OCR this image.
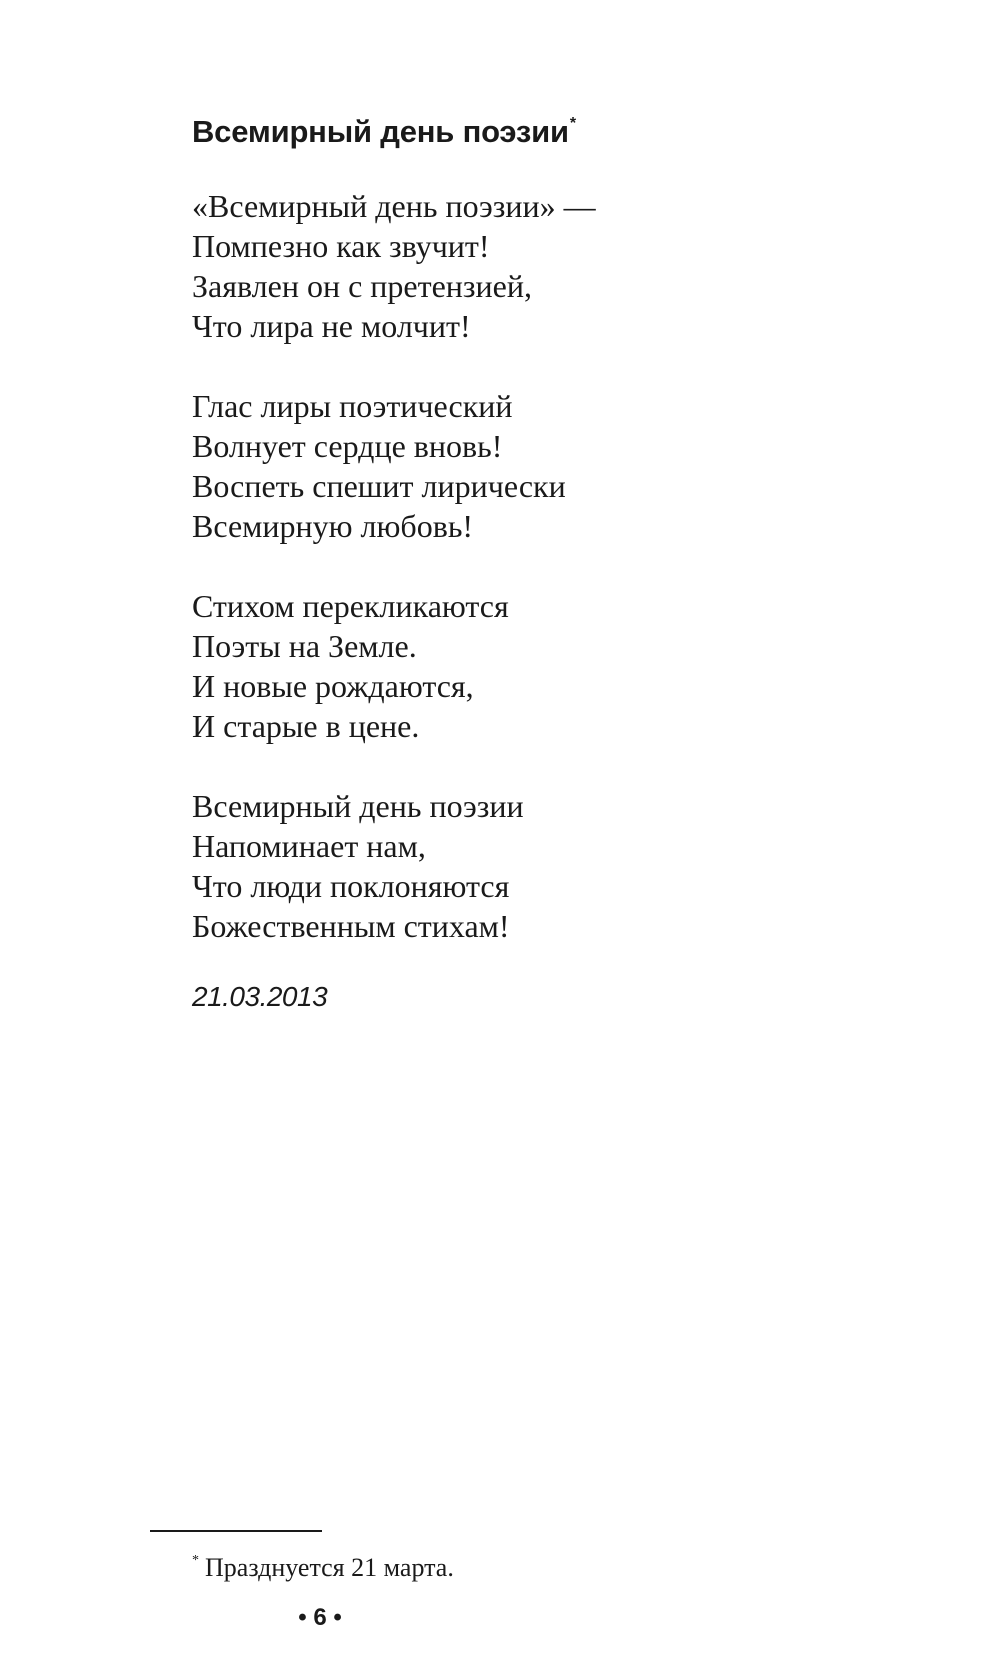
Всемирный день поэзии*
«Всемирный день поэзии» —
Помпезно как звучит!
Заявлен он с претензией,
Что лира не молчит!
Глас лиры поэтический
Волнует сердце вновь!
Воспеть спешит лирически
Всемирную любовь!
Стихом перекликаются
Поэты на Земле.
И новые рождаются,
И старые в цене.
Всемирный день поэзии
Напоминает нам,
Что люди поклоняются
Божественным стихам!
21.03.2013
* Празднуется 21 марта.
• 6 •
